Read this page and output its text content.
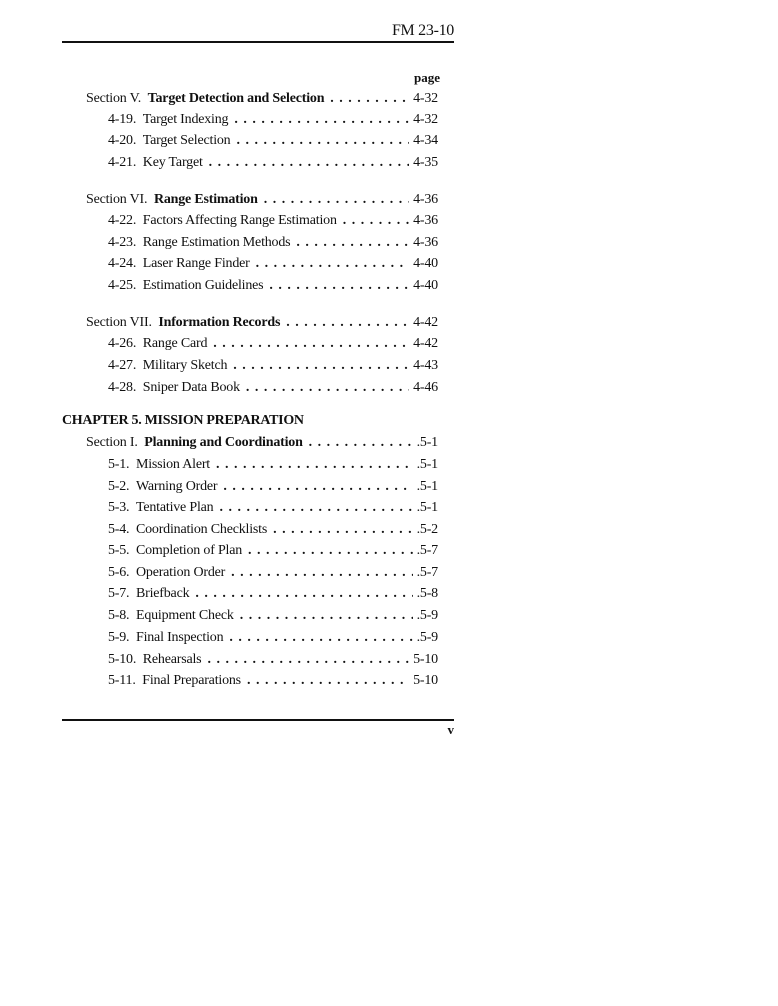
FM 23-10
page
Section V. Target Detection and Selection . . .	4-32
4-19. Target Indexing . . .	4-32
4-20. Target Selection . . .	4-34
4-21. Key Target . . .	4-35
Section VI. Range Estimation . . .	4-36
4-22. Factors Affecting Range Estimation . . .	4-36
4-23. Range Estimation Methods . . .	4-36
4-24. Laser Range Finder . . .	4-40
4-25. Estimation Guidelines . . .	4-40
Section VII. Information Records . . .	4-42
4-26. Range Card . . .	4-42
4-27. Military Sketch . . .	4-43
4-28. Sniper Data Book . . .	4-46
CHAPTER 5. MISSION PREPARATION
Section I. Planning and Coordination . . .	.5-1
5-1. Mission Alert . . .	.5-1
5-2. Warning Order . . .	.5-1
5-3. Tentative Plan . . .	.5-1
5-4. Coordination Checklists . . .	.5-2
5-5. Completion of Plan . . .	.5-7
5-6. Operation Order . . .	.5-7
5-7. Briefback . . .	.5-8
5-8. Equipment Check . . .	.5-9
5-9. Final Inspection . . .	.5-9
5-10. Rehearsals . . .	5-10
5-11. Final Preparations . . .	5-10
v
